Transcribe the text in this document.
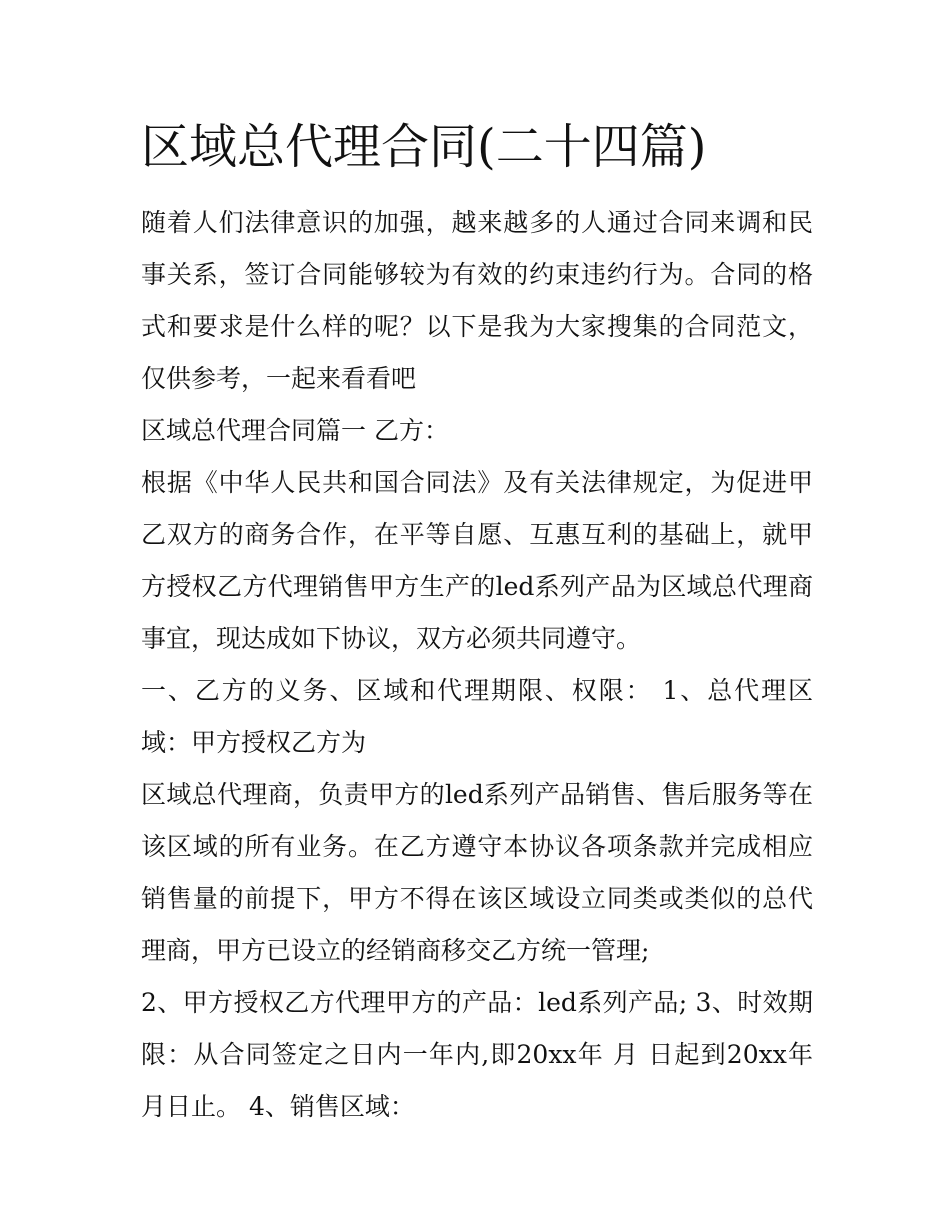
区域总代理合同(二十四篇)

随着人们法律意识的加强，越来越多的人通过合同来调和民事关系，签订合同能够较为有效的约束违约行为。合同的格式和要求是什么样的呢？以下是我为大家搜集的合同范文，仅供参考，一起来看看吧

区域总代理合同篇一 乙方：

根据《中华人民共和国合同法》及有关法律规定，为促进甲乙双方的商务合作，在平等自愿、互惠互利的基础上，就甲方授权乙方代理销售甲方生产的led系列产品为区域总代理商事宜，现达成如下协议，双方必须共同遵守。

一、乙方的义务、区域和代理期限、权限： 1、总代理区域：甲方授权乙方为

区域总代理商，负责甲方的led系列产品销售、售后服务等在该区域的所有业务。在乙方遵守本协议各项条款并完成相应销售量的前提下，甲方不得在该区域设立同类或类似的总代理商，甲方已设立的经销商移交乙方统一管理;

2、甲方授权乙方代理甲方的产品：led系列产品; 3、时效期限：从合同签定之日内一年内,即20xx年 月 日起到20xx年 月日止。 4、销售区域：
